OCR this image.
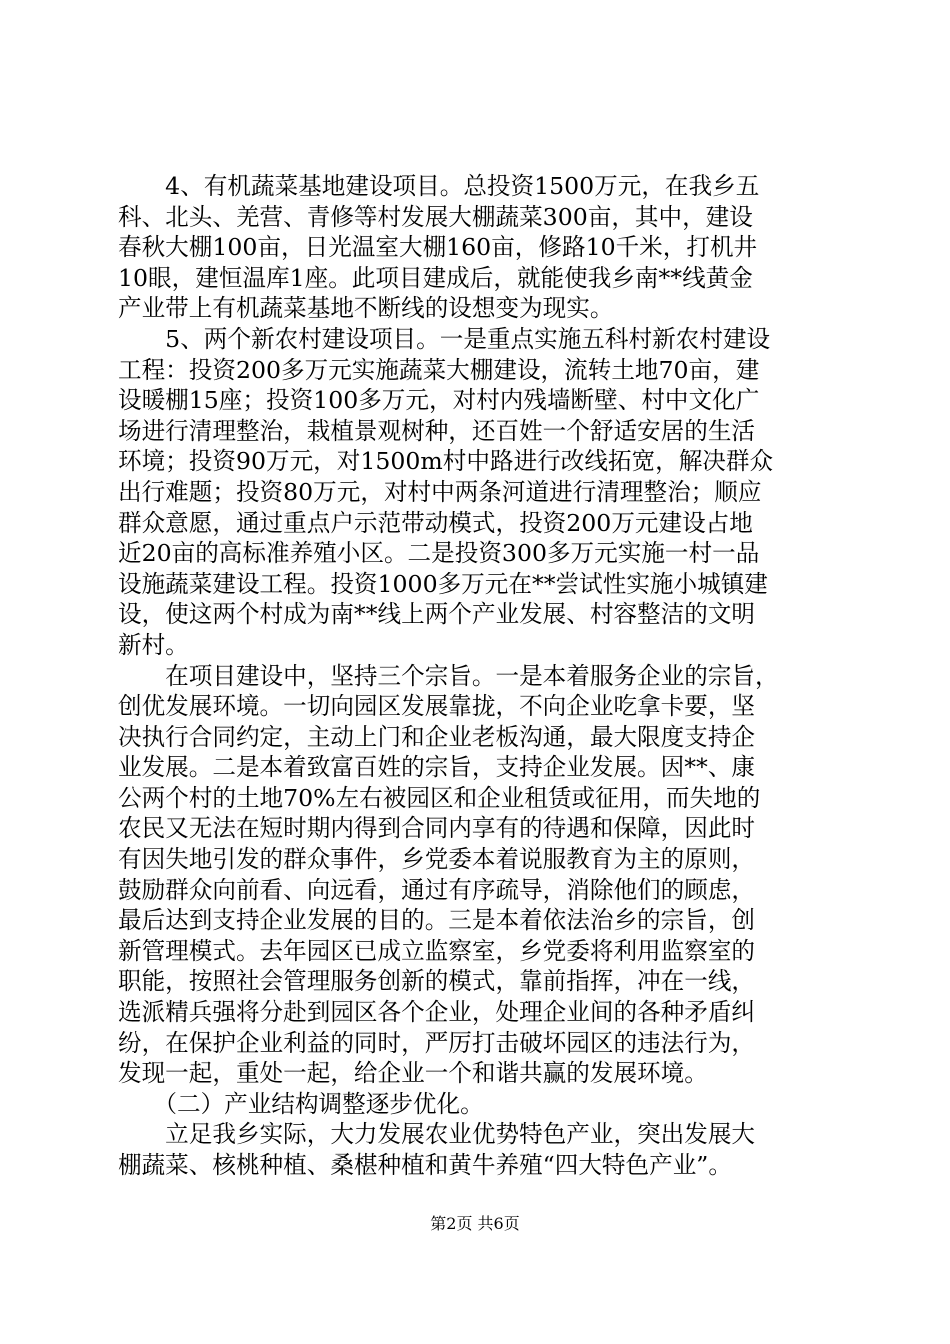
　　4、有机蔬菜基地建设项目。总投资1500万元，在我乡五
科、北头、羌营、青修等村发展大棚蔬菜300亩，其中，建设
春秋大棚100亩，日光温室大棚160亩，修路10千米，打机井
10眼，建恒温库1座。此项目建成后，就能使我乡南**线黄金
产业带上有机蔬菜基地不断线的设想变为现实。
　　5、两个新农村建设项目。一是重点实施五科村新农村建设
工程：投资200多万元实施蔬菜大棚建设，流转土地70亩，建
设暖棚15座；投资100多万元，对村内残墙断壁、村中文化广
场进行清理整治，栽植景观树种，还百姓一个舒适安居的生活
环境；投资90万元，对1500m村中路进行改线拓宽，解决群众
出行难题；投资80万元，对村中两条河道进行清理整治；顺应
群众意愿，通过重点户示范带动模式，投资200万元建设占地
近20亩的高标准养殖小区。二是投资300多万元实施一村一品
设施蔬菜建设工程。投资1000多万元在**尝试性实施小城镇建
设，使这两个村成为南**线上两个产业发展、村容整洁的文明
新村。
　　在项目建设中，坚持三个宗旨。一是本着服务企业的宗旨，
创优发展环境。一切向园区发展靠拢，不向企业吃拿卡要，坚
决执行合同约定，主动上门和企业老板沟通，最大限度支持企
业发展。二是本着致富百姓的宗旨，支持企业发展。因**、康
公两个村的土地70%左右被园区和企业租赁或征用，而失地的
农民又无法在短时期内得到合同内享有的待遇和保障，因此时
有因失地引发的群众事件，乡党委本着说服教育为主的原则，
鼓励群众向前看、向远看，通过有序疏导，消除他们的顾虑，
最后达到支持企业发展的目的。三是本着依法治乡的宗旨，创
新管理模式。去年园区已成立监察室，乡党委将利用监察室的
职能，按照社会管理服务创新的模式，靠前指挥，冲在一线，
选派精兵强将分赴到园区各个企业，处理企业间的各种矛盾纠
纷，在保护企业利益的同时，严厉打击破坏园区的违法行为，
发现一起，重处一起，给企业一个和谐共赢的发展环境。
　　（二）产业结构调整逐步优化。
　　立足我乡实际，大力发展农业优势特色产业，突出发展大
棚蔬菜、核桃种植、桑椹种植和黄牛养殖“四大特色产业”。
第2页 共6页
